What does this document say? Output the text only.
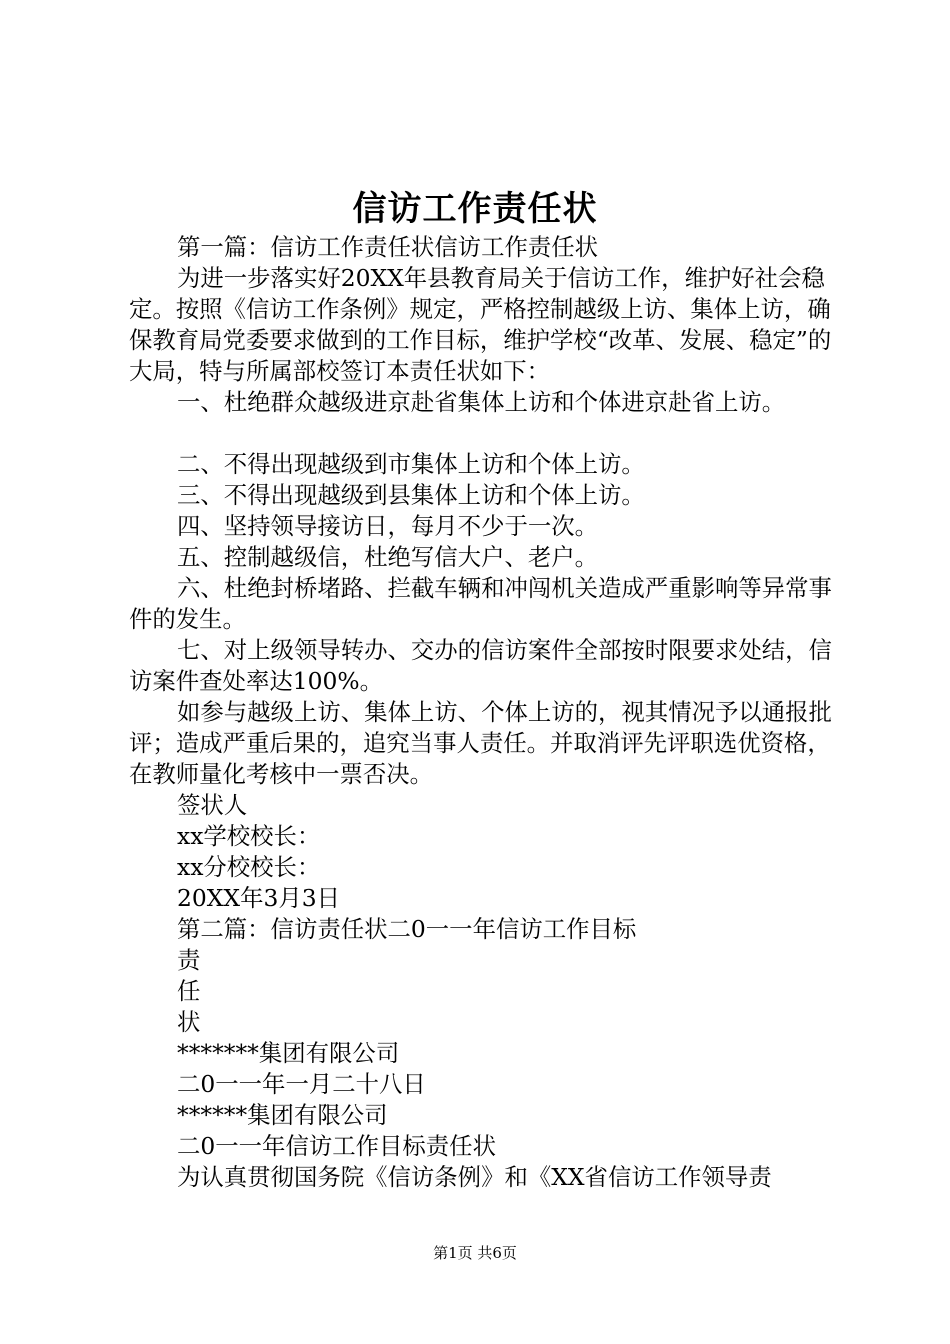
信访工作责任状

第一篇：信访工作责任状信访工作责任状

为进一步落实好20XX年县教育局关于信访工作，维护好社会稳定。按照《信访工作条例》规定，严格控制越级上访、集体上访，确保教育局党委要求做到的工作目标，维护学校“改革、发展、稳定”的大局，特与所属部校签订本责任状如下：

一、杜绝群众越级进京赴省集体上访和个体进京赴省上访。

二、不得出现越级到市集体上访和个体上访。

三、不得出现越级到县集体上访和个体上访。

四、坚持领导接访日，每月不少于一次。

五、控制越级信，杜绝写信大户、老户。

六、杜绝封桥堵路、拦截车辆和冲闯机关造成严重影响等异常事件的发生。

七、对上级领导转办、交办的信访案件全部按时限要求处结，信访案件查处率达100%。

如参与越级上访、集体上访、个体上访的，视其情况予以通报批评；造成严重后果的，追究当事人责任。并取消评先评职选优资格，在教师量化考核中一票否决。

签状人

xx学校校长：

xx分校校长：

20XX年3月3日

第二篇：信访责任状二0一一年信访工作目标

责

任

状

*******集团有限公司

二0一一年一月二十八日

******集团有限公司

二0一一年信访工作目标责任状

为认真贯彻国务院《信访条例》和《XX省信访工作领导责

第1页 共6页
